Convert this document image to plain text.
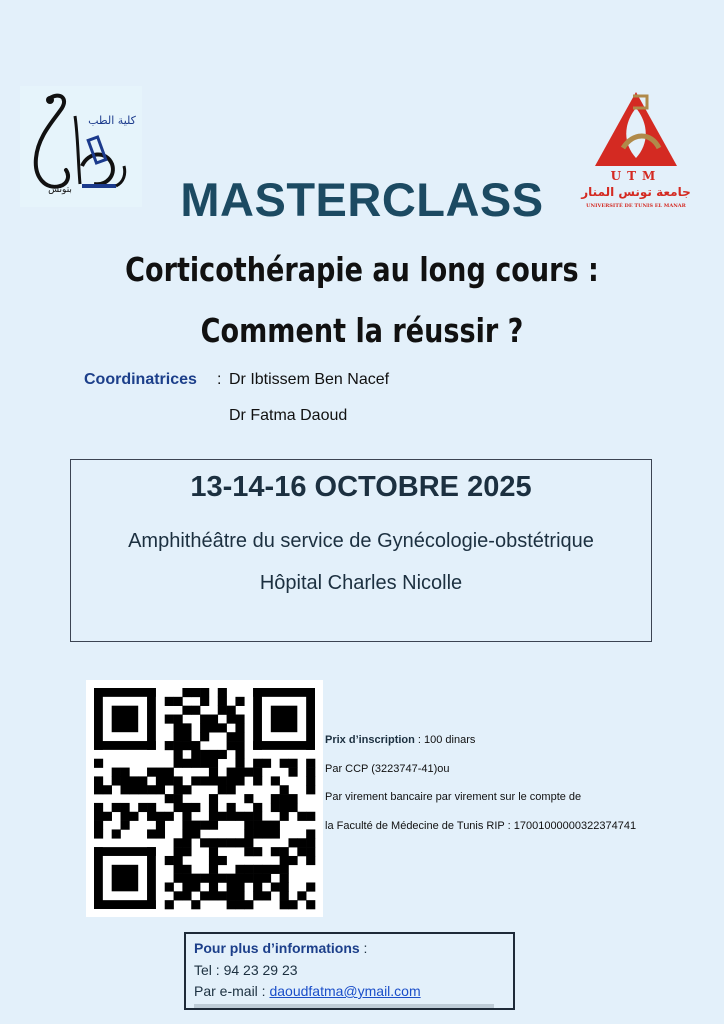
كلية الطب
بتونس
UTM
جامعة تونس المنار
UNIVERSITÉ DE TUNIS EL MANAR
MASTERCLASS
Corticothérapie au long cours :
Comment la réussir ?
Coordinatrices : Dr Ibtissem Ben Nacef
Dr Fatma Daoud
13-14-16 OCTOBRE 2025
Amphithéâtre du service de Gynécologie-obstétrique
Hôpital Charles Nicolle
Prix d’inscription : 100 dinars
Par CCP (3223747-41)ou
Par virement bancaire par virement sur le compte de
la Faculté de Médecine de Tunis RIP : 17001000000322374741
Pour plus d’informations :
Tel : 94 23 29 23
Par e-mail : daoudfatma@ymail.com
